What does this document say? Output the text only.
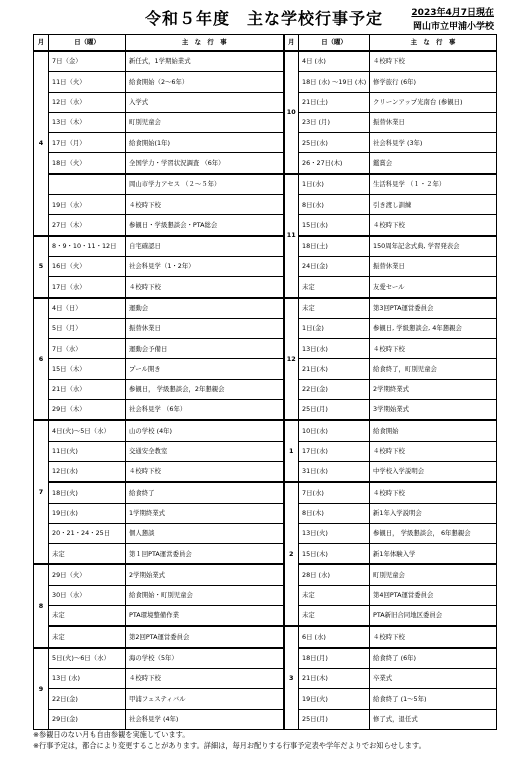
令和５年度　主な学校行事予定	2023年4月7日現在
岡山市立甲浦小学校
月	日（曜）	主　な　行　事	月	日（曜）	主　な　行　事
4	7日（金）	新任式，1学期始業式	10	4日 (水)	４校時下校
	11日（火）	給食開始（2～6年）		18日 (水) ～19日 (木)	修学旅行 (6年)
	12日（水）	入学式		21日(土)	クリーンアップ光南台 (参観日)
	13日（木）	町別児童会		23日 (月)	振替休業日
	17日（月）	給食開始(1年)		25日(水)	社会科見学 (3年)
	18日（火）	全国学力・学習状況調査 （6年）		26・27日(木)	鑑賞会
		岡山市学力アセス （２～５年）	11	1日(水)	生活科見学 （１・２年）
	19日（水）	４校時下校		8日(水)	引き渡し訓練
	27日（木）	参観日・学級懇談会・PTA総会		15日(水)	４校時下校
5	8・9・10・11・12日	自宅確認日		18日(土)	150周年記念式典, 学習発表会
	16日（火）	社会科見学（1・2年）		24日(金)	振替休業日
	17日（水）	４校時下校		未定	友愛セール
6	4日（日）	運動会	12	未定	第3回PTA運営委員会
	5日（月）	振替休業日		1日(金)	参観日, 学級懇談会, 4年懇親会
	7日（水）	運動会予備日		13日(水)	４校時下校
	15日（木）	プール開き		21日(木)	給食終了，町別児童会
	21日（水）	参観日， 学級懇談会，2年懇親会		22日(金)	2学期終業式
	29日（木）	社会科見学 （6年）		25日(月)	3学期始業式
7	4日(火)～5日（水）	山の学校 (4年)	1	10日(水)	給食開始
	11日(火)	交通安全教室		17日(水)	４校時下校
	12日(水)	４校時下校		31日(水)	中学校入学説明会
	18日(火)	給食終了	2	7日(水)	４校時下校
	19日(水)	1学期終業式		8日(木)	新1年入学説明会
	20・21・24・25日	個人懇談		13日(火)	参観日， 学級懇談会， 6年懇親会
	未定	第１回PTA運営委員会		15日(木)	新1年体験入学
8	29日（火）	2学期始業式		28日 (水)	町別児童会
	30日（水）	給食開始・町別児童会		未定	第4回PTA運営委員会
	未定	PTA環境整備作業		未定	PTA新旧合同地区委員会
	未定	第2回PTA運営委員会	3	6日 (水)	４校時下校
9	5日(火)～6日（水）	海の学校（5年）		18日(月)	給食終了 (6年)
	13日 (水)	４校時下校		21日(木)	卒業式
	22日(金)	甲浦フェスティバル		19日(火)	給食終了 (1～5年)
	29日(金)	社会科見学 (4年)		25日(月)	修了式，退任式
※参観日のない月も自由参観を実施しています。
※行事予定は，都合により変更することがあります。詳細は，毎月お配りする行事予定表や学年だよりでお知らせします。
